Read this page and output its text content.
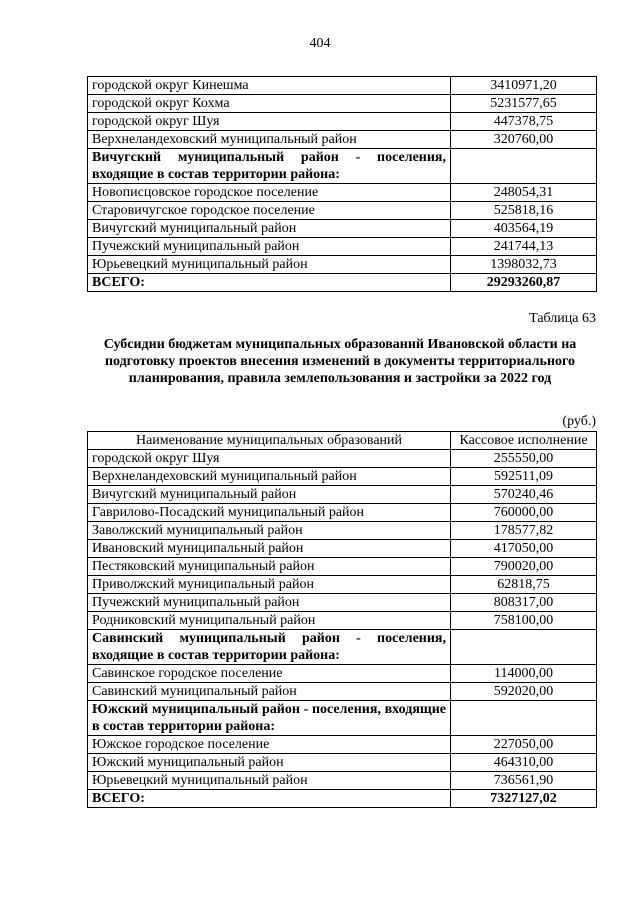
404
городской округ Кинешма	3410971,20
городской округ Кохма	5231577,65
городской округ Шуя	447378,75
Верхнеландеховский муниципальный район	320760,00
Вичугский муниципальный район - поселения, входящие в состав территории района:	
Новописцовское городское поселение	248054,31
Старовичугское городское поселение	525818,16
Вичугский муниципальный район	403564,19
Пучежский муниципальный район	241744,13
Юрьевецкий муниципальный район	1398032,73
ВСЕГО:	29293260,87
Таблица 63
Субсидии бюджетам муниципальных образований Ивановской области на подготовку проектов внесения изменений в документы территориального планирования, правила землепользования и застройки за 2022 год
(руб.)
Наименование муниципальных образований	Кассовое исполнение
городской округ Шуя	255550,00
Верхнеландеховский муниципальный район	592511,09
Вичугский муниципальный район	570240,46
Гаврилово-Посадский муниципальный район	760000,00
Заволжский муниципальный район	178577,82
Ивановский муниципальный район	417050,00
Пестяковский муниципальный район	790020,00
Приволжский муниципальный район	62818,75
Пучежский муниципальный район	808317,00
Родниковский муниципальный район	758100,00
Савинский муниципальный район - поселения, входящие в состав территории района:	
Савинское городское поселение	114000,00
Савинский муниципальный район	592020,00
Южский муниципальный район - поселения, входящие в состав территории района:	
Южское городское поселение	227050,00
Южский муниципальный район	464310,00
Юрьевецкий муниципальный район	736561,90
ВСЕГО:	7327127,02
